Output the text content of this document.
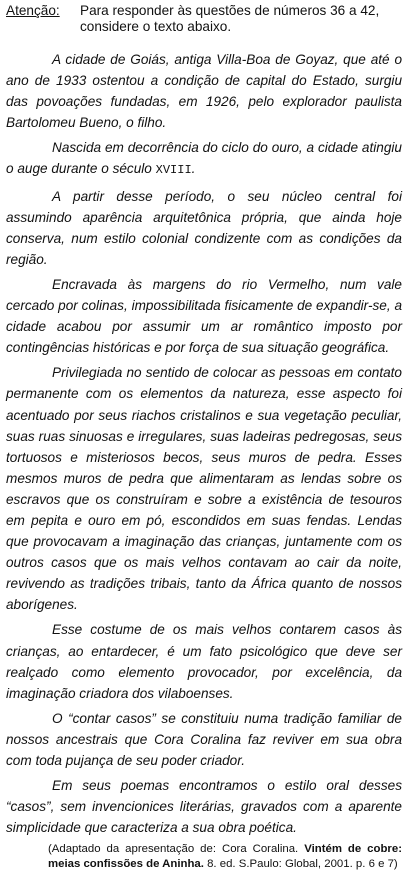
Atenção:	Para responder às questões de números 36 a 42, considere o texto abaixo.

A cidade de Goiás, antiga Villa-Boa de Goyaz, que até o ano de 1933 ostentou a condição de capital do Estado, surgiu das povoações fundadas, em 1926, pelo explorador paulista Bartolomeu Bueno, o filho.

Nascida em decorrência do ciclo do ouro, a cidade atingiu o auge durante o século XVIII.

A partir desse período, o seu núcleo central foi assumindo aparência arquitetônica própria, que ainda hoje conserva, num estilo colonial condizente com as condições da região.

Encravada às margens do rio Vermelho, num vale cercado por colinas, impossibilitada fisicamente de expandir-se, a cidade acabou por assumir um ar romântico imposto por contingências históricas e por força de sua situação geográfica.

Privilegiada no sentido de colocar as pessoas em contato permanente com os elementos da natureza, esse aspecto foi acentuado por seus riachos cristalinos e sua vegetação peculiar, suas ruas sinuosas e irregulares, suas ladeiras pedregosas, seus tortuosos e misteriosos becos, seus muros de pedra. Esses mesmos muros de pedra que alimentaram as lendas sobre os escravos que os construíram e sobre a existência de tesouros em pepita e ouro em pó, escondidos em suas fendas. Lendas que provocavam a imaginação das crianças, juntamente com os outros casos que os mais velhos contavam ao cair da noite, revivendo as tradições tribais, tanto da África quanto de nossos aborígenes.

Esse costume de os mais velhos contarem casos às crianças, ao entardecer, é um fato psicológico que deve ser realçado como elemento provocador, por excelência, da imaginação criadora dos vilaboenses.

O “contar casos” se constituiu numa tradição familiar de nossos ancestrais que Cora Coralina faz reviver em sua obra com toda pujança de seu poder criador.

Em seus poemas encontramos o estilo oral desses “casos”, sem invencionices literárias, gravados com a aparente simplicidade que caracteriza a sua obra poética.

(Adaptado da apresentação de: Cora Coralina. Vintém de cobre: meias confissões de Aninha. 8. ed. S.Paulo: Global, 2001. p. 6 e 7)
